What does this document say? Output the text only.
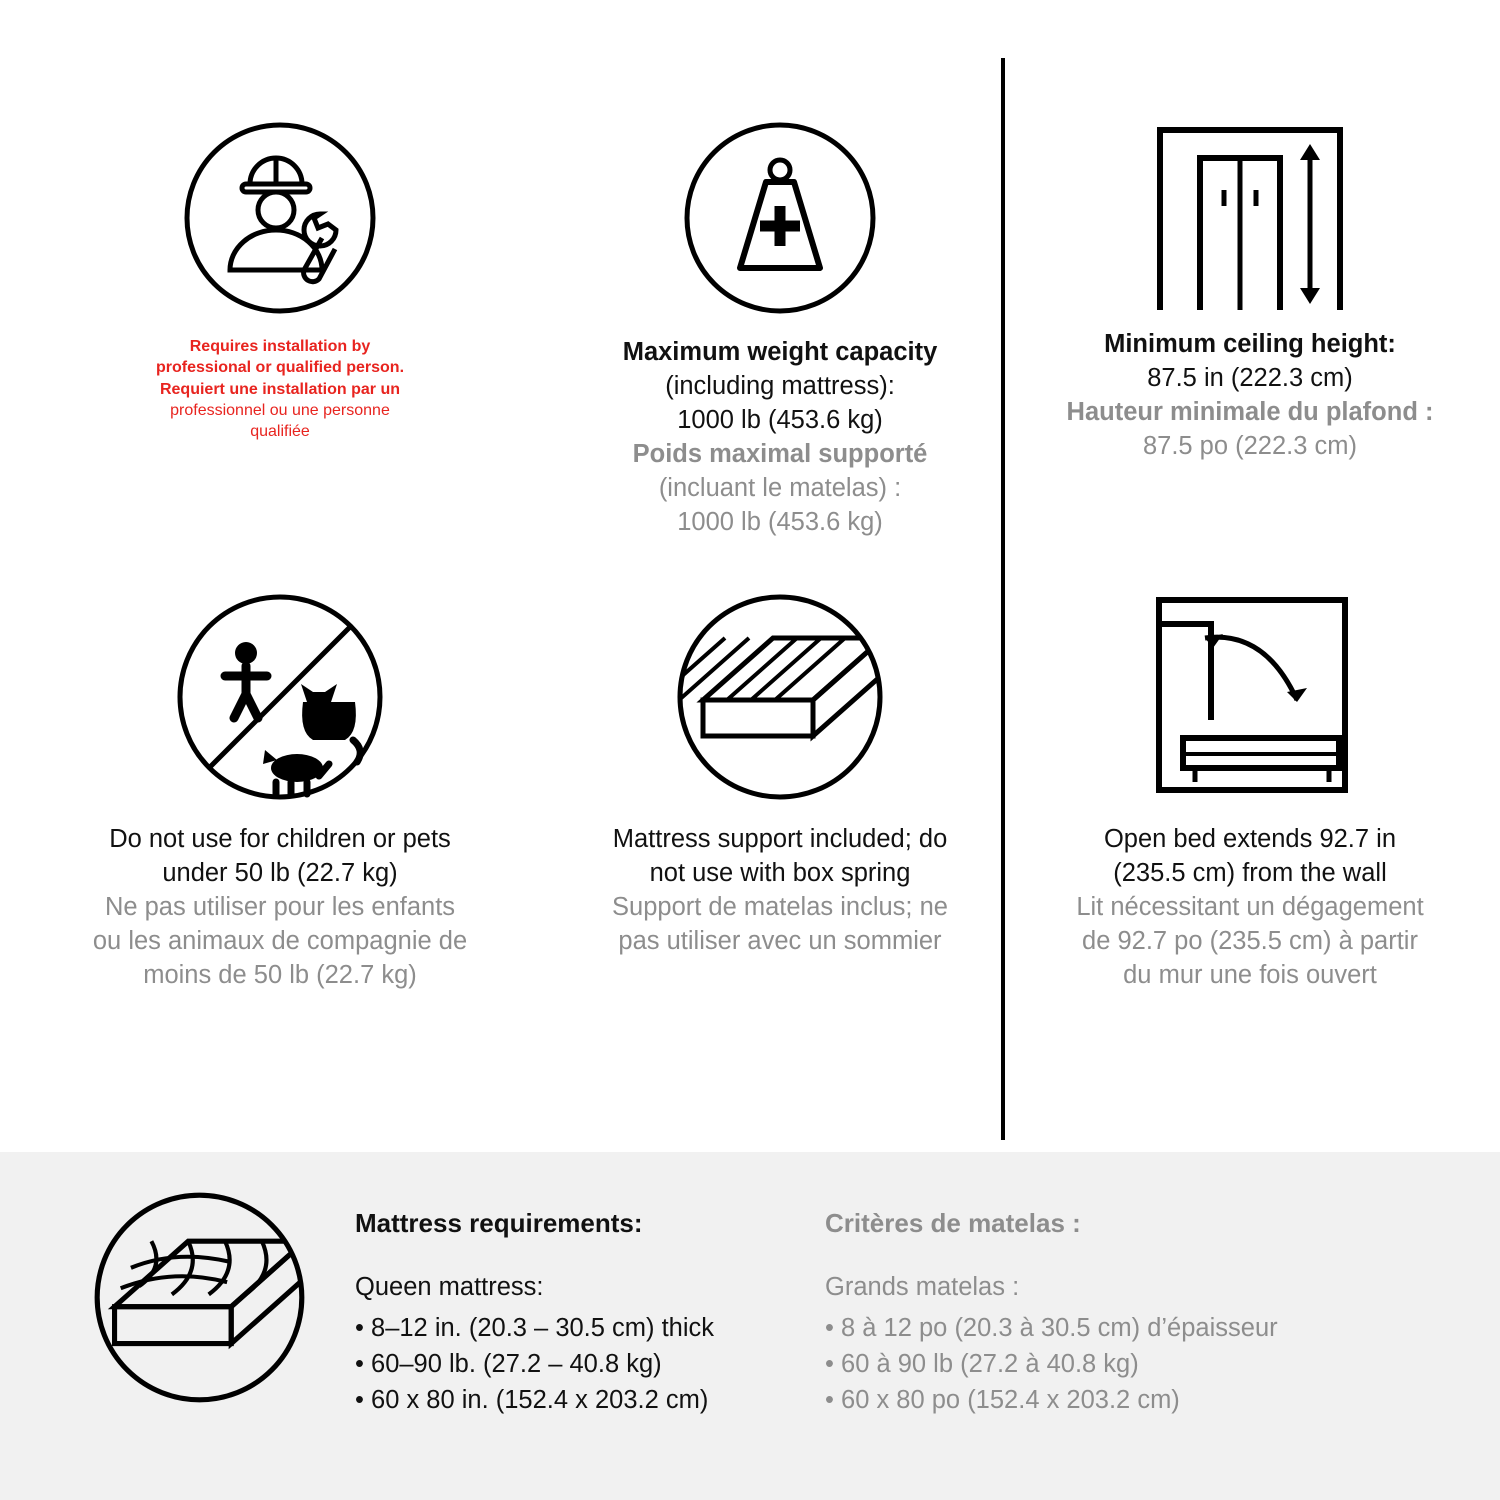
Requires installation by

professional or qualified person.

Requiert une installation par un

professionnel ou une personne

qualifiée

Maximum weight capacity

(including mattress):

1000 lb (453.6 kg)

Poids maximal supporté

(incluant le matelas) :

1000 lb (453.6 kg)

Minimum ceiling height:

87.5 in (222.3 cm)

Hauteur minimale du plafond :

87.5 po (222.3 cm)

Do not use for children or pets

under 50 lb (22.7 kg)

Ne pas utiliser pour les enfants

ou les animaux de compagnie de

moins de 50 lb (22.7 kg)

Mattress support included; do

not use with box spring

Support de matelas inclus; ne

pas utiliser avec un sommier

Open bed extends 92.7 in

(235.5 cm) from the wall

Lit nécessitant un dégagement

de 92.7 po (235.5 cm) à partir

du mur une fois ouvert

Mattress requirements:
Queen mattress:
• 8–12 in. (20.3 – 30.5 cm) thick
• 60–90 lb. (27.2 – 40.8 kg)
• 60 x 80 in. (152.4 x 203.2 cm)
Critères de matelas :
Grands matelas :
• 8 à 12 po (20.3 à 30.5 cm) d’épaisseur
• 60 à 90 lb (27.2 à 40.8 kg)
• 60 x 80 po (152.4 x 203.2 cm)
